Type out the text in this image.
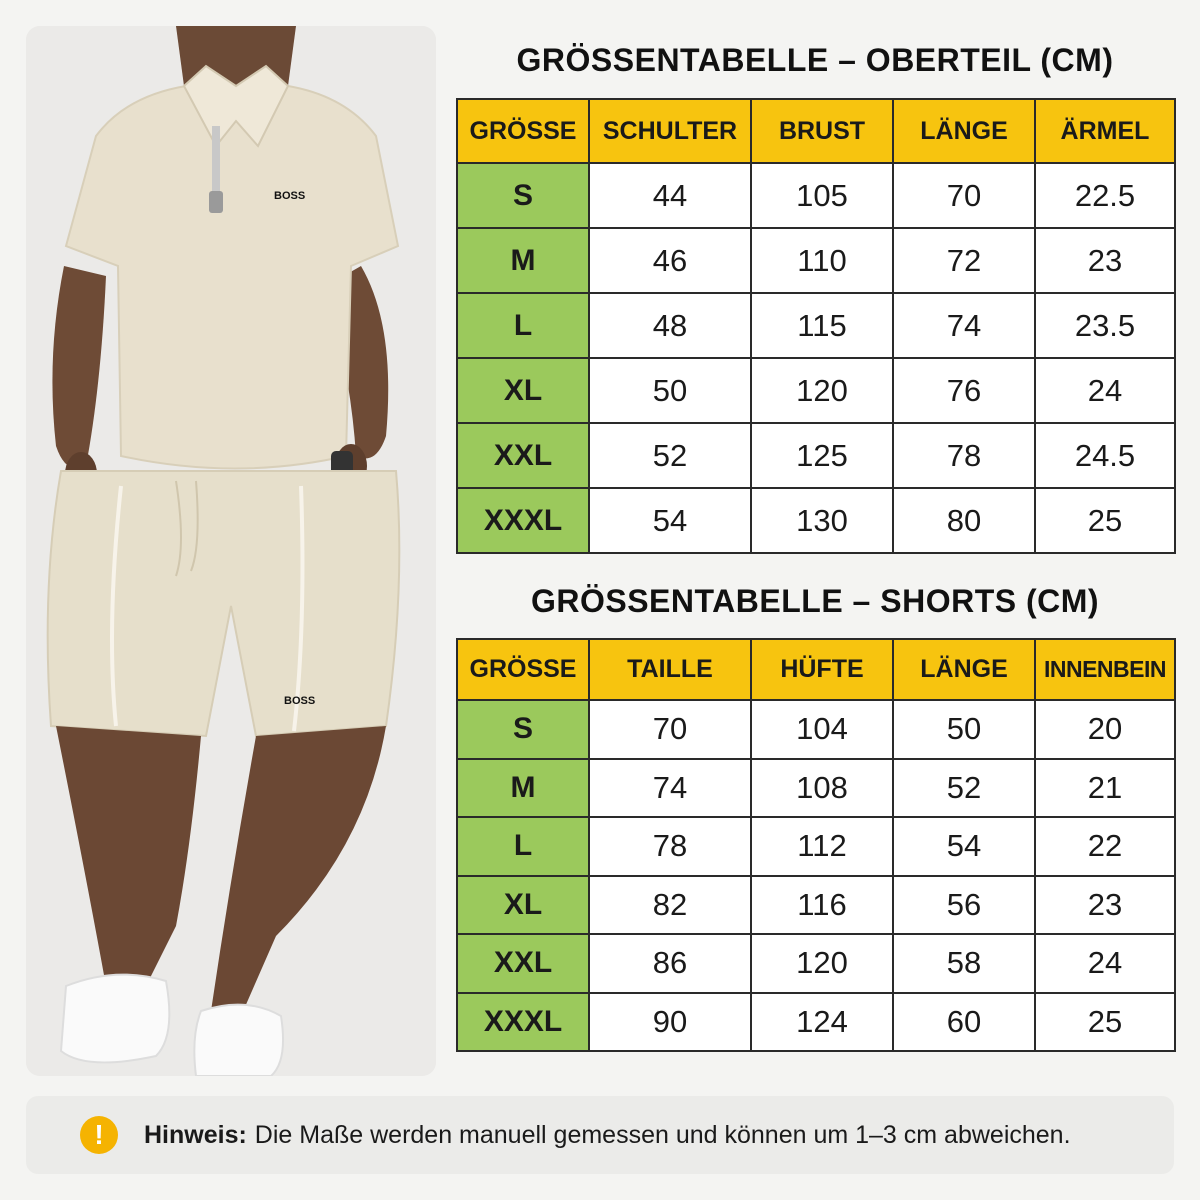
BOSS
BOSS
GRÖSSENTABELLE – OBERTEIL (CM)
GRÖSSE	SCHULTER	BRUST	LÄNGE	ÄRMEL
S	44	105	70	22.5
M	46	110	72	23
L	48	115	74	23.5
XL	50	120	76	24
XXL	52	125	78	24.5
XXXL	54	130	80	25
GRÖSSENTABELLE – SHORTS (CM)
GRÖSSE	TAILLE	HÜFTE	LÄNGE	INNENBEIN
S	70	104	50	20
M	74	108	52	21
L	78	112	54	22
XL	82	116	56	23
XXL	86	120	58	24
XXXL	90	124	60	25
!	Hinweis: Die Maße werden manuell gemessen und können um 1–3 cm abweichen.
